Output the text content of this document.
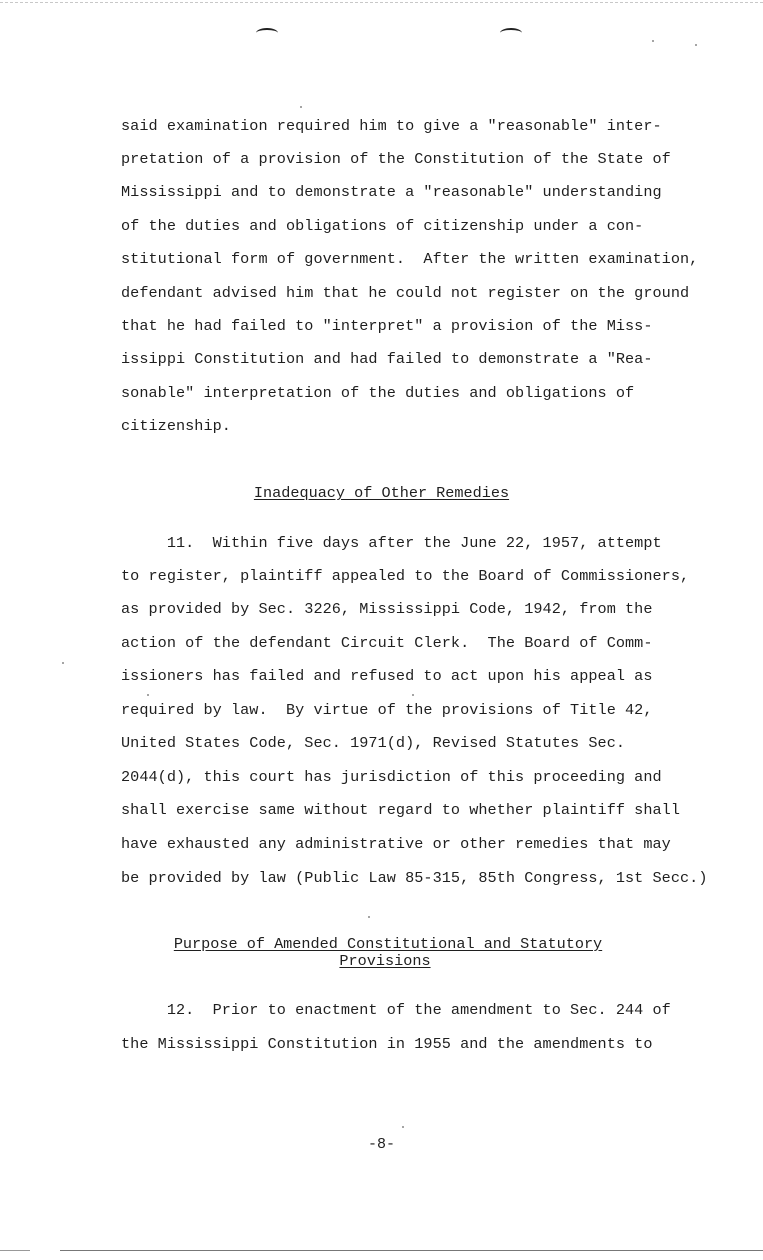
said examination required him to give a "reasonable" inter-
pretation of a provision of the Constitution of the State of
Mississippi and to demonstrate a "reasonable" understanding
of the duties and obligations of citizenship under a con-
stitutional form of government.  After the written examination,
defendant advised him that he could not register on the ground
that he had failed to "interpret" a provision of the Miss-
issippi Constitution and had failed to demonstrate a "Rea-
sonable" interpretation of the duties and obligations of
citizenship.
Inadequacy of Other Remedies
11.  Within five days after the June 22, 1957, attempt
to register, plaintiff appealed to the Board of Commissioners,
as provided by Sec. 3226, Mississippi Code, 1942, from the
action of the defendant Circuit Clerk.  The Board of Comm-
issioners has failed and refused to act upon his appeal as
required by law.  By virtue of the provisions of Title 42,
United States Code, Sec. 1971(d), Revised Statutes Sec.
2044(d), this court has jurisdiction of this proceeding and
shall exercise same without regard to whether plaintiff shall
have exhausted any administrative or other remedies that may
be provided by law (Public Law 85-315, 85th Congress, 1st Secc.)
Purpose of Amended Constitutional and Statutory
Provisions
12.  Prior to enactment of the amendment to Sec. 244 of
the Mississippi Constitution in 1955 and the amendments to
-8-
